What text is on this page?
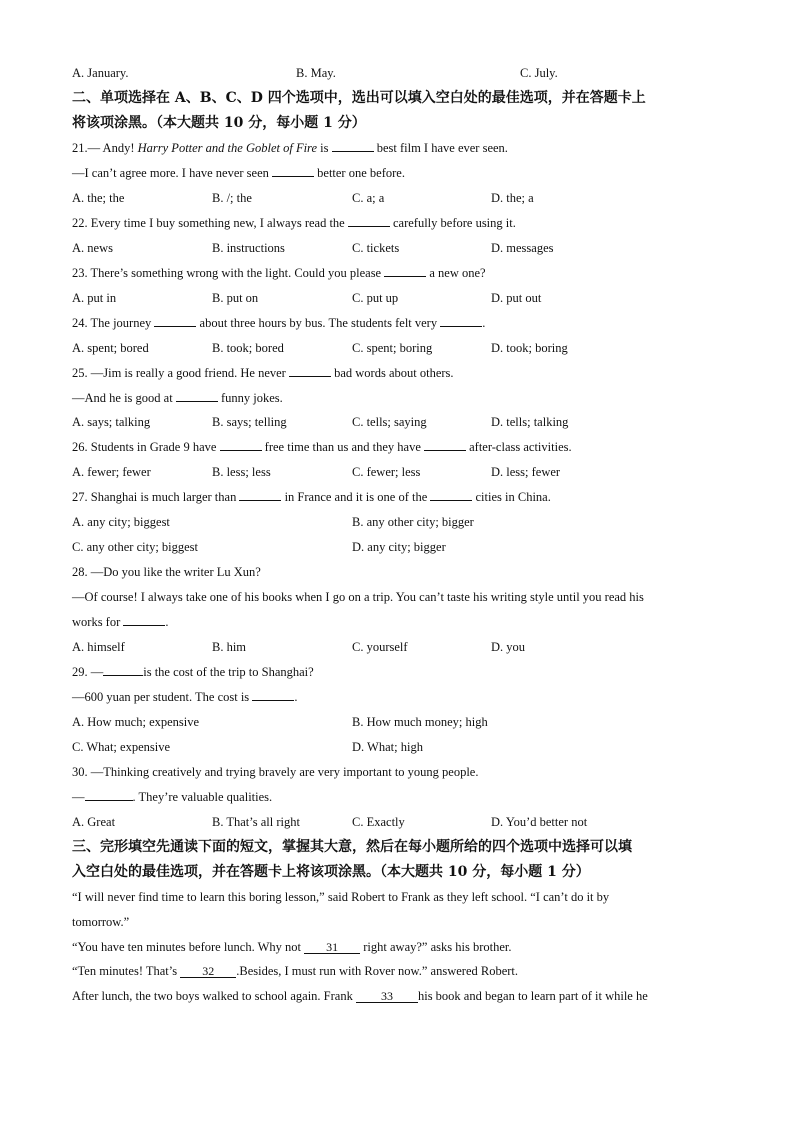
A. January.	B. May.	C. July.
二、单项选择在 A、B、C、D 四个选项中，选出可以填入空白处的最佳选项，并在答题卡上
将该项涂黑。（本大题共 10 分，每小题 1 分）
21.— Andy! Harry Potter and the Goblet of Fire is	best film I have ever seen.
—I can’t agree more. I have never seen	better one before.
A. the; the	B. /; the	C. a; a	D. the; a
22. Every time I buy something new, I always read the	carefully before using it.
A. news	B. instructions	C. tickets	D. messages
23. There’s something wrong with the light. Could you please	a new one?
A. put in	B. put on	C. put up	D. put out
24. The journey	about three hours by bus. The students felt very	.
A. spent; bored	B. took; bored	C. spent; boring	D. took; boring
25. —Jim is really a good friend. He never	bad words about others.
—And he is good at	funny jokes.
A. says; talking	B. says; telling	C. tells; saying	D. tells; talking
26. Students in Grade 9 have	free time than us and they have	after-class activities.
A. fewer; fewer	B. less; less	C. fewer; less	D. less; fewer
27. Shanghai is much larger than	in France and it is one of the	cities in China.
A. any city; biggest	B. any other city; bigger
C. any other city; biggest	D. any city; bigger
28. —Do you like the writer Lu Xun?
—Of course! I always take one of his books when I go on a trip. You can’t taste his writing style until you read his
works for	.
A. himself	B. him	C. yourself	D. you
29. —	is the cost of the trip to Shanghai?
—600 yuan per student. The cost is	.
A. How much; expensive	B. How much money; high
C. What; expensive	D. What; high
30. —Thinking creatively and trying bravely are very important to young people.
—	. They’re valuable qualities.
A. Great	B. That’s all right	C. Exactly	D. You’d better not
三、完形填空先通读下面的短文，掌握其大意，然后在每小题所给的四个选项中选择可以填
入空白处的最佳选项，并在答题卡上将该项涂黑。（本大题共 10 分，每小题 1 分）
“I will never find time to learn this boring lesson,” said Robert to Frank as they left school. “I can’t do it by
tomorrow.”
“You have ten minutes before lunch. Why not 31 right away?” asks his brother.
“Ten minutes! That’s 32 .Besides, I must run with Rover now.” answered Robert.
After lunch, the two boys walked to school again. Frank 33 his book and began to learn part of it while he
